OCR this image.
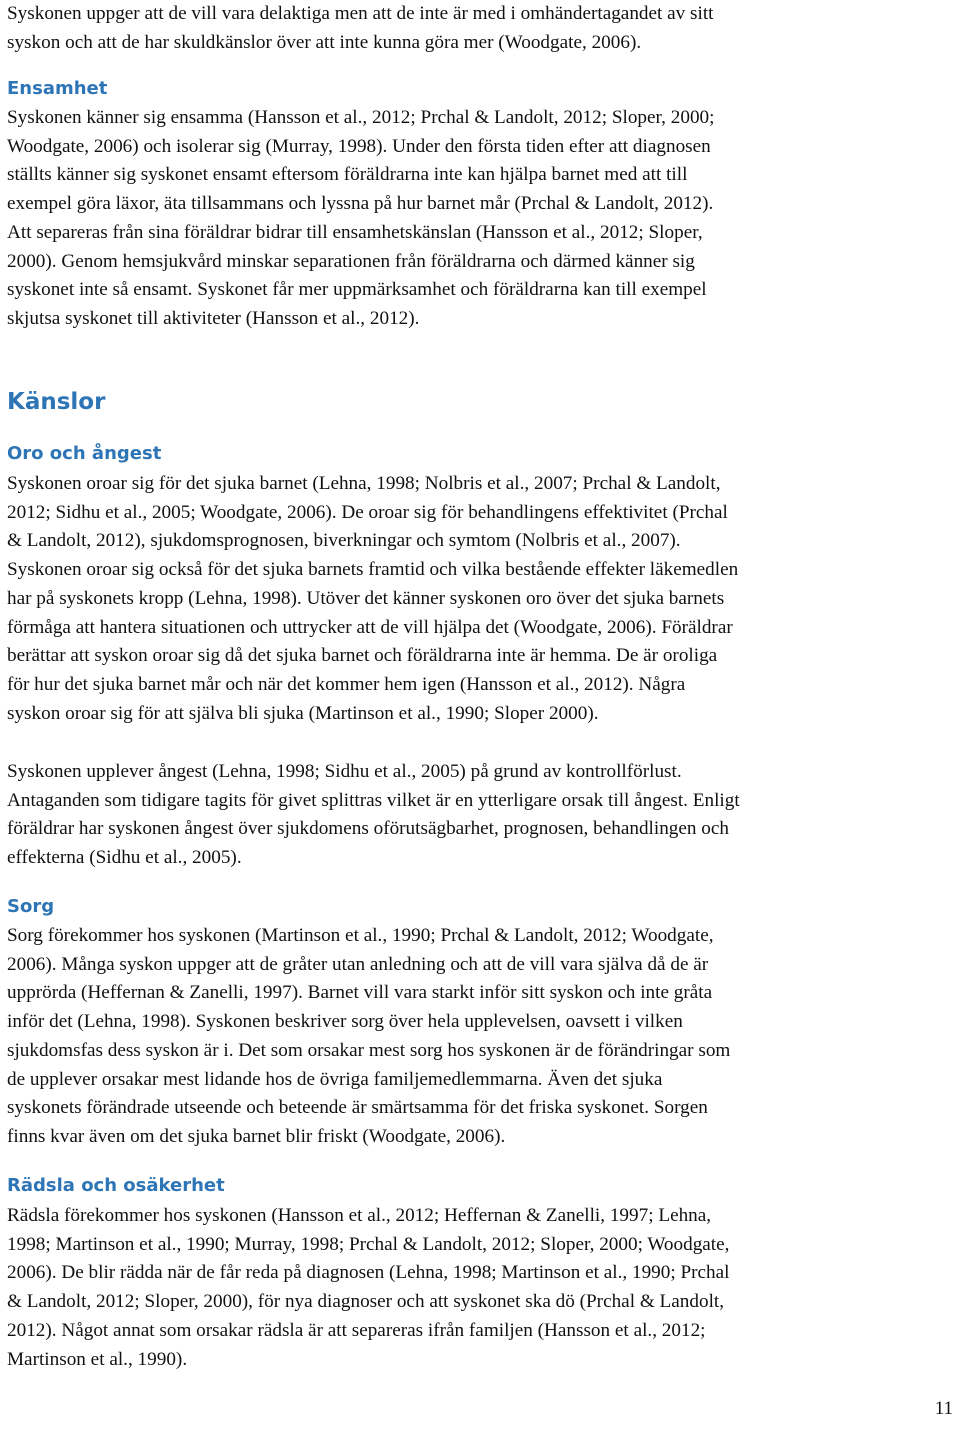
Syskonen uppger att de vill vara delaktiga men att de inte är med i omhändertagandet av sitt
syskon och att de har skuldkänslor över att inte kunna göra mer (Woodgate, 2006).

Ensamhet

Syskonen känner sig ensamma (Hansson et al., 2012; Prchal & Landolt, 2012; Sloper, 2000;
Woodgate, 2006) och isolerar sig (Murray, 1998). Under den första tiden efter att diagnosen
ställts känner sig syskonet ensamt eftersom föräldrarna inte kan hjälpa barnet med att till
exempel göra läxor, äta tillsammans och lyssna på hur barnet mår (Prchal & Landolt, 2012).
Att separeras från sina föräldrar bidrar till ensamhetskänslan (Hansson et al., 2012; Sloper,
2000). Genom hemsjukvård minskar separationen från föräldrarna och därmed känner sig
syskonet inte så ensamt. Syskonet får mer uppmärksamhet och föräldrarna kan till exempel
skjutsa syskonet till aktiviteter (Hansson et al., 2012).

Känslor
Oro och ångest

Syskonen oroar sig för det sjuka barnet (Lehna, 1998; Nolbris et al., 2007; Prchal & Landolt,
2012; Sidhu et al., 2005; Woodgate, 2006). De oroar sig för behandlingens effektivitet (Prchal
& Landolt, 2012), sjukdomsprognosen, biverkningar och symtom (Nolbris et al., 2007).
Syskonen oroar sig också för det sjuka barnets framtid och vilka bestående effekter läkemedlen
har på syskonets kropp (Lehna, 1998). Utöver det känner syskonen oro över det sjuka barnets
förmåga att hantera situationen och uttrycker att de vill hjälpa det (Woodgate, 2006). Föräldrar
berättar att syskon oroar sig då det sjuka barnet och föräldrarna inte är hemma. De är oroliga
för hur det sjuka barnet mår och när det kommer hem igen (Hansson et al., 2012). Några
syskon oroar sig för att själva bli sjuka (Martinson et al., 1990; Sloper 2000).

Syskonen upplever ångest (Lehna, 1998; Sidhu et al., 2005) på grund av kontrollförlust.
Antaganden som tidigare tagits för givet splittras vilket är en ytterligare orsak till ångest. Enligt
föräldrar har syskonen ångest över sjukdomens oförutsägbarhet, prognosen, behandlingen och
effekterna (Sidhu et al., 2005).

Sorg

Sorg förekommer hos syskonen (Martinson et al., 1990; Prchal & Landolt, 2012; Woodgate,
2006). Många syskon uppger att de gråter utan anledning och att de vill vara själva då de är
upprörda (Heffernan & Zanelli, 1997). Barnet vill vara starkt inför sitt syskon och inte gråta
inför det (Lehna, 1998). Syskonen beskriver sorg över hela upplevelsen, oavsett i vilken
sjukdomsfas dess syskon är i. Det som orsakar mest sorg hos syskonen är de förändringar som
de upplever orsakar mest lidande hos de övriga familjemedlemmarna. Även det sjuka
syskonets förändrade utseende och beteende är smärtsamma för det friska syskonet. Sorgen
finns kvar även om det sjuka barnet blir friskt (Woodgate, 2006).

Rädsla och osäkerhet

Rädsla förekommer hos syskonen (Hansson et al., 2012; Heffernan & Zanelli, 1997; Lehna,
1998; Martinson et al., 1990; Murray, 1998; Prchal & Landolt, 2012; Sloper, 2000; Woodgate,
2006). De blir rädda när de får reda på diagnosen (Lehna, 1998; Martinson et al., 1990; Prchal
& Landolt, 2012; Sloper, 2000), för nya diagnoser och att syskonet ska dö (Prchal & Landolt,
2012). Något annat som orsakar rädsla är att separeras ifrån familjen (Hansson et al., 2012;
Martinson et al., 1990).

11
